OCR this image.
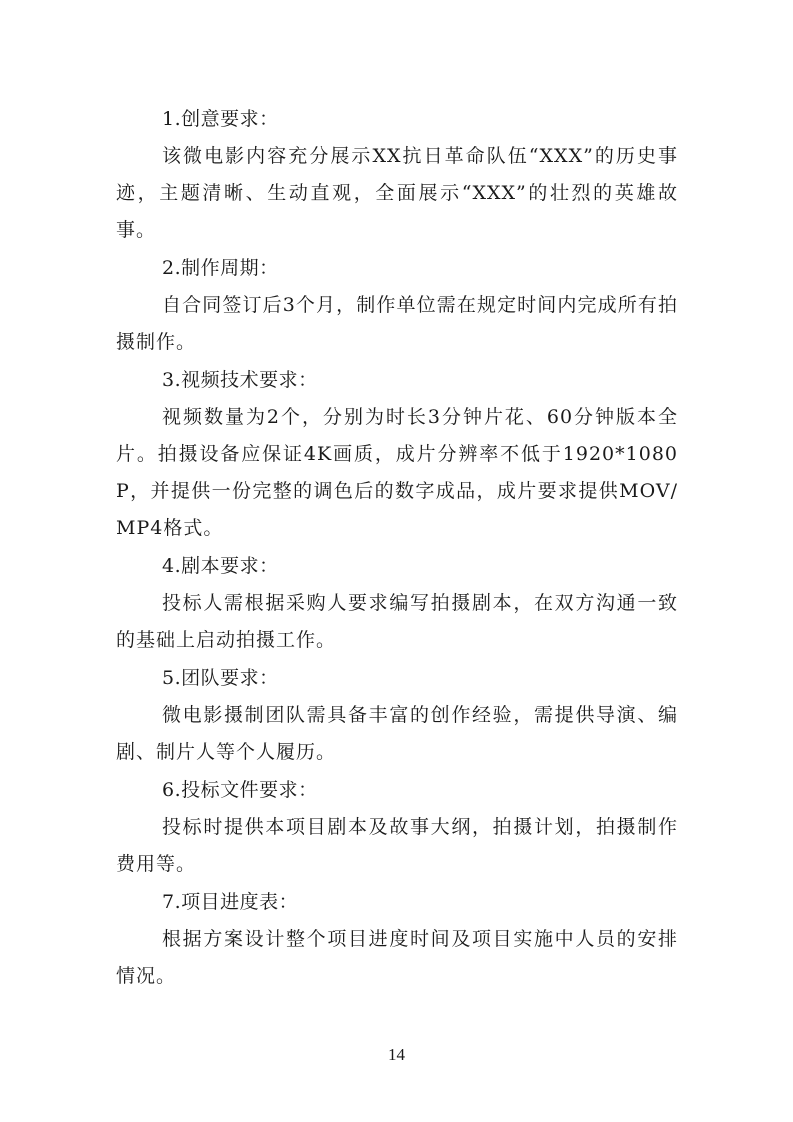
1.创意要求：

该微电影内容充分展示XX抗日革命队伍“XXX”的历史事迹，主题清晰、生动直观，全面展示“XXX”的壮烈的英雄故事。

2.制作周期：

自合同签订后3个月，制作单位需在规定时间内完成所有拍摄制作。

3.视频技术要求：

视频数量为2个，分别为时长3分钟片花、60分钟版本全片。拍摄设备应保证4K画质，成片分辨率不低于1920*1080P，并提供一份完整的调色后的数字成品，成片要求提供MOV/MP4格式。

4.剧本要求：

投标人需根据采购人要求编写拍摄剧本，在双方沟通一致的基础上启动拍摄工作。

5.团队要求：

微电影摄制团队需具备丰富的创作经验，需提供导演、编剧、制片人等个人履历。

6.投标文件要求：

投标时提供本项目剧本及故事大纲，拍摄计划，拍摄制作费用等。

7.项目进度表：

根据方案设计整个项目进度时间及项目实施中人员的安排情况。

14
